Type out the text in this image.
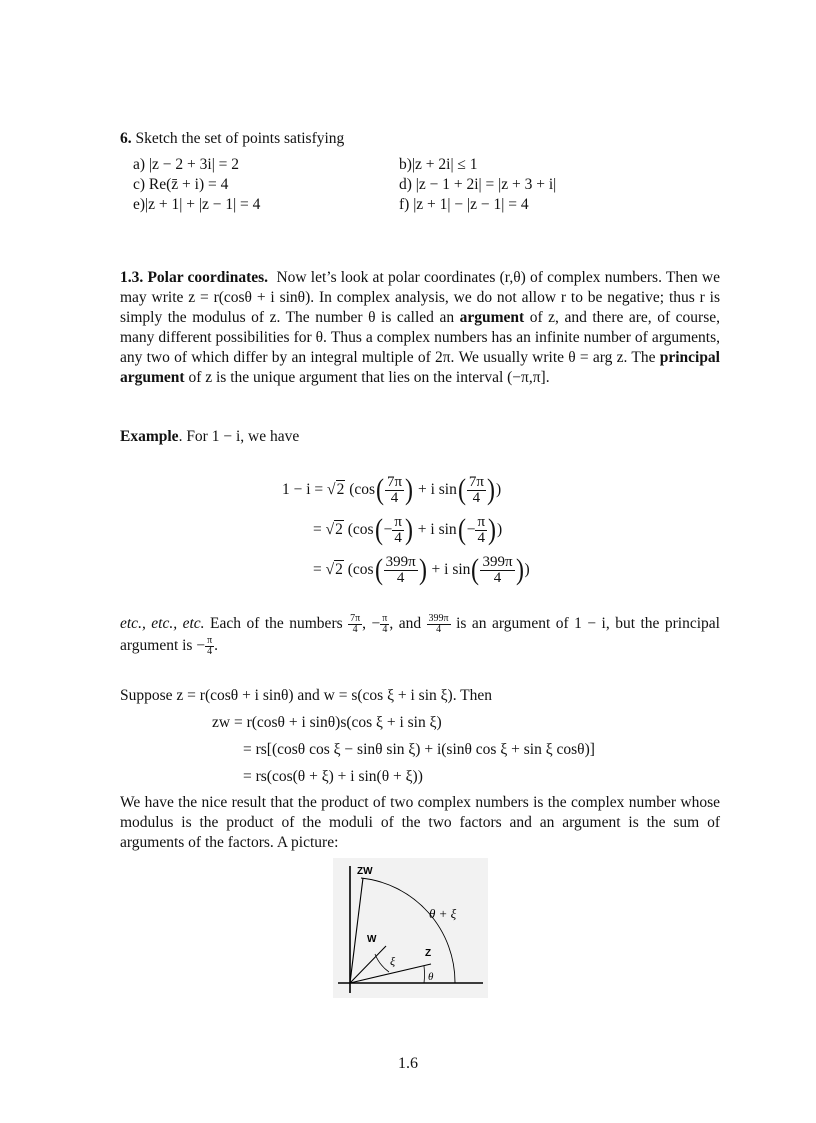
6. Sketch the set of points satisfying
a) |z − 2 + 3i| = 2	b)|z + 2i| ≤ 1
c) Re(z̄ + i) = 4	d) |z − 1 + 2i| = |z + 3 + i|
e)|z + 1| + |z − 1| = 4	f) |z + 1| − |z − 1| = 4

1.3. Polar coordinates. Now let’s look at polar coordinates (r,θ) of complex numbers. Then we may write z = r(cosθ + i sinθ). In complex analysis, we do not allow r to be negative; thus r is simply the modulus of z. The number θ is called an argument of z, and there are, of course, many different possibilities for θ. Thus a complex numbers has an infinite number of arguments, any two of which differ by an integral multiple of 2π. We usually write θ = arg z. The principal argument of z is the unique argument that lies on the interval (−π,π].

Example. For 1 − i, we have
1 − i = √2 ($\cos( \frac{7\pi}{4}$ ) + i $\sin( \frac{7\pi}{4}$ ))
= √2 ($\cos(- \frac{\pi}{4}$ ) + i $\sin(- \frac{\pi}{4}$ ))
= √2 ($\cos( \frac{399\pi}{4}$ ) + i $\sin( \frac{399\pi}{4}$ ))

etc., etc., etc. Each of the numbers $\frac{7\pi}{4}$ , − $\frac{\pi}{4}$ , and $\frac{399\pi}{4}$ is an argument of 1 − i, but the principal argument is − $\frac{\pi}{4}$ .

Suppose z = r(cosθ + i sinθ) and w = s(cos ξ + i sin ξ). Then
zw = r(cosθ + i sinθ)s(cos ξ + i sin ξ)
= rs[(cosθ cos ξ − sinθ sin ξ) + i(sinθ cos ξ + sin ξ cosθ)]
= rs(cos(θ + ξ) + i sin(θ + ξ))

We have the nice result that the product of two complex numbers is the complex number whose modulus is the product of the moduli of the two factors and an argument is the sum of arguments of the factors. A picture:

ZW
W
Z
θ + ξ
ξ
θ
1.6
